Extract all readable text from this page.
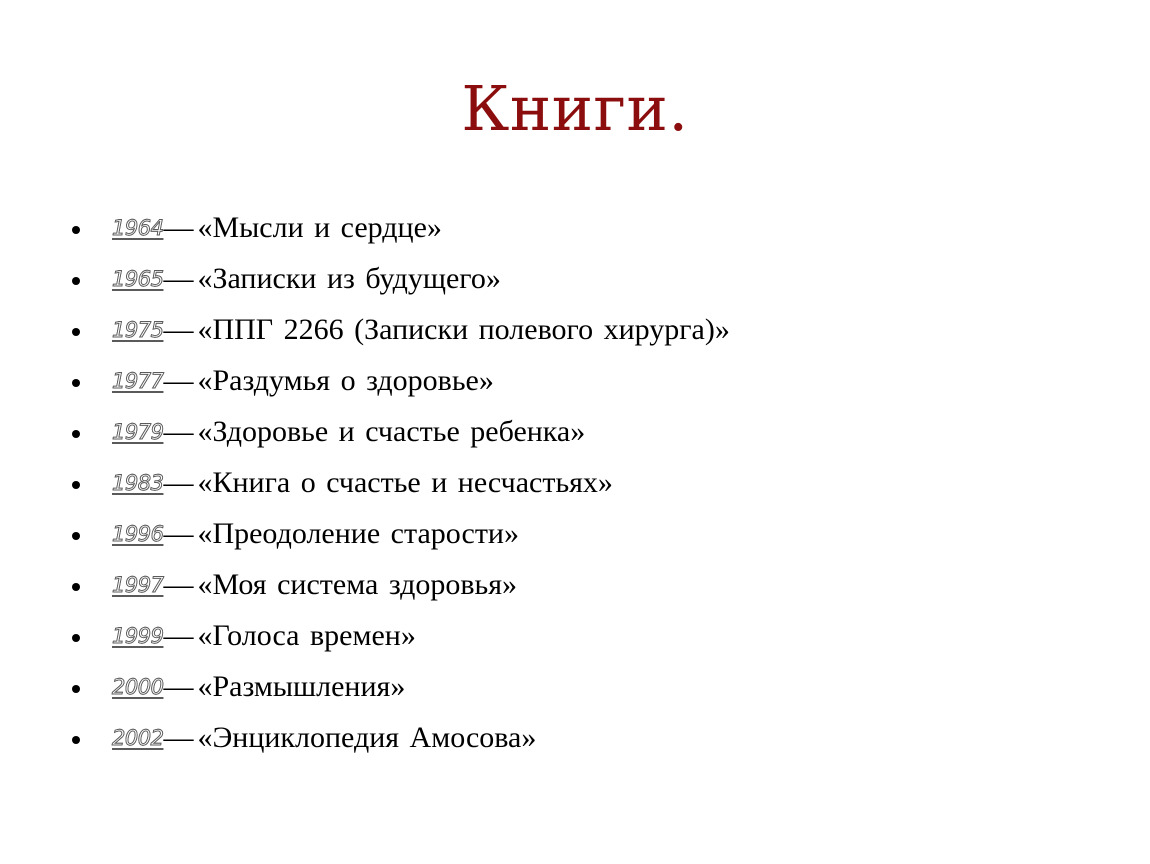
Книги.
1964 — «Мысли и сердце»
1965 — «Записки из будущего»
1975 — «ППГ 2266 (Записки полевого хирурга)»
1977 — «Раздумья о здоровье»
1979 — «Здоровье и счастье ребенка»
1983 — «Книга о счастье и несчастьях»
1996 — «Преодоление старости»
1997 — «Моя система здоровья»
1999 — «Голоса времен»
2000 — «Размышления»
2002 — «Энциклопедия Амосова»
